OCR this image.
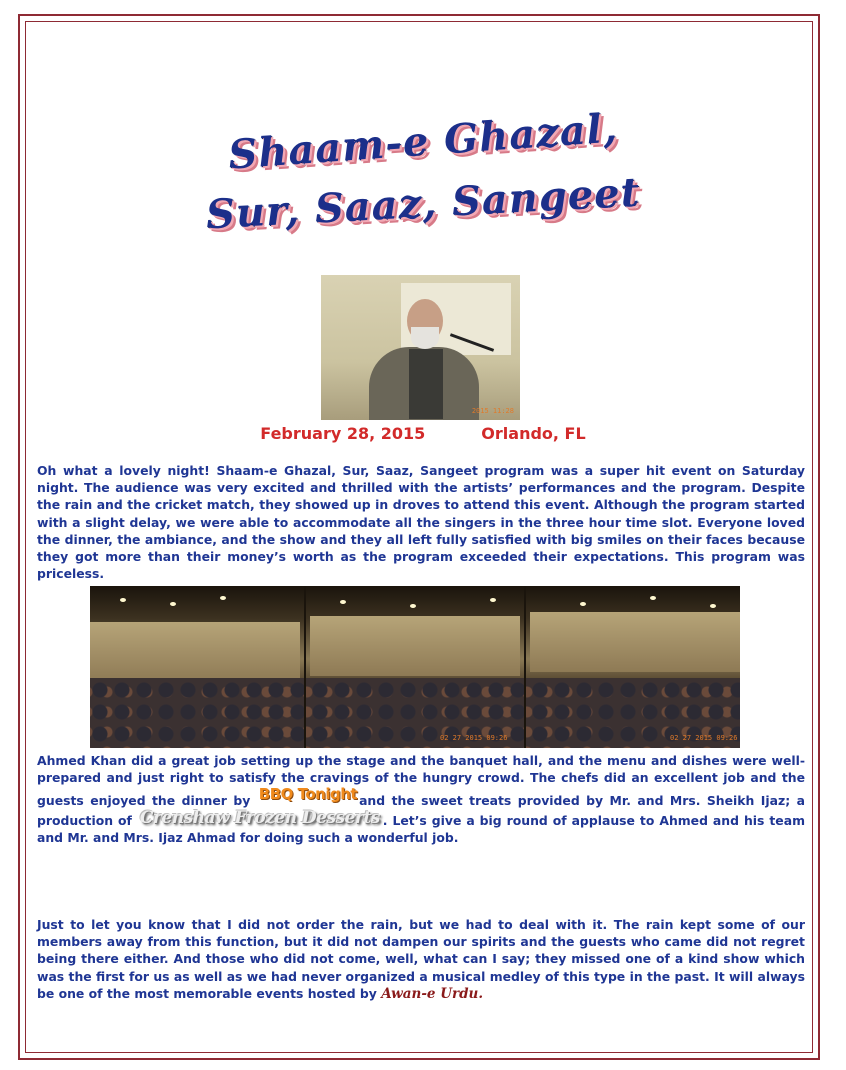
Shaam-e Ghazal,
Sur, Saaz, Sangeet
2015 11:28
February 28, 2015	Orlando, FL

Oh what a lovely night! Shaam-e Ghazal, Sur, Saaz, Sangeet program was a super hit event on Saturday night. The audience was very excited and thrilled with the artists’ performances and the program. Despite the rain and the cricket match, they showed up in droves to attend this event. Although the program started with a slight delay, we were able to accommodate all the singers in the three hour time slot. Everyone loved the dinner, the ambiance, and the show and they all left fully satisfied with big smiles on their faces because they got more than their money’s worth as the program exceeded their expectations. This program was priceless.

02 27 2015 09:26	02 27 2015 09:26

Ahmed Khan did a great job setting up the stage and the banquet hall, and the menu and dishes were well-prepared and just right to satisfy the cravings of the hungry crowd. The chefs did an excellent job and the guests enjoyed the dinner by BBQ Tonight and the sweet treats provided by Mr. and Mrs. Sheikh Ijaz; a production of Crenshaw Frozen Desserts . Let’s give a big round of applause to Ahmed and his team and Mr. and Mrs. Ijaz Ahmad for doing such a wonderful job.

Just to let you know that I did not order the rain, but we had to deal with it. The rain kept some of our members away from this function, but it did not dampen our spirits and the guests who came did not regret being there either. And those who did not come, well, what can I say; they missed one of a kind show which was the first for us as well as we had never organized a musical medley of this type in the past. It will always be one of the most memorable events hosted by Awan-e Urdu.
